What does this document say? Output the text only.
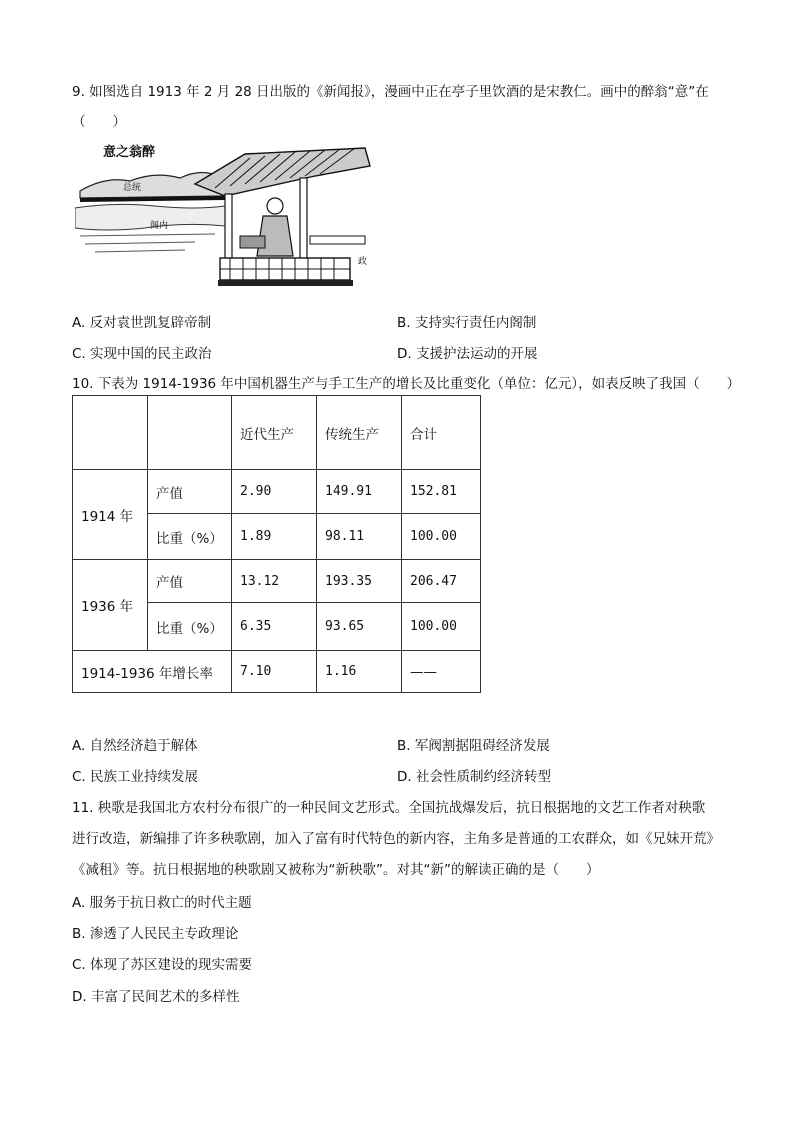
9. 如图选自 1913 年 2 月 28 日出版的《新闻报》，漫画中正在亭子里饮酒的是宋教仁。画中的醉翁“意”在
（　　）
意之翁醉
总统
阁内
政
A. 反对袁世凯复辟帝制	B. 支持实行责任内阁制
C. 实现中国的民主政治	D. 支援护法运动的开展
10. 下表为 1914-1936 年中国机器生产与手工生产的增长及比重变化（单位：亿元），如表反映了我国（　　）
		近代生产	传统生产	合计
1914 年	产值	2.90	149.91	152.81
	比重（%）	1.89	98.11	100.00
1936 年	产值	13.12	193.35	206.47
	比重（%）	6.35	93.65	100.00
1914-1936 年增长率		7.10	1.16	——
A. 自然经济趋于解体	B. 军阀割据阻碍经济发展
C. 民族工业持续发展	D. 社会性质制约经济转型
11. 秧歌是我国北方农村分布很广的一种民间文艺形式。全国抗战爆发后，抗日根据地的文艺工作者对秧歌
进行改造，新编排了许多秧歌剧，加入了富有时代特色的新内容，主角多是普通的工农群众，如《兄妹开荒》
《减租》等。抗日根据地的秧歌剧又被称为“新秧歌”。对其“新”的解读正确的是（　　）
A. 服务于抗日救亡的时代主题
B. 渗透了人民民主专政理论
C. 体现了苏区建设的现实需要
D. 丰富了民间艺术的多样性
